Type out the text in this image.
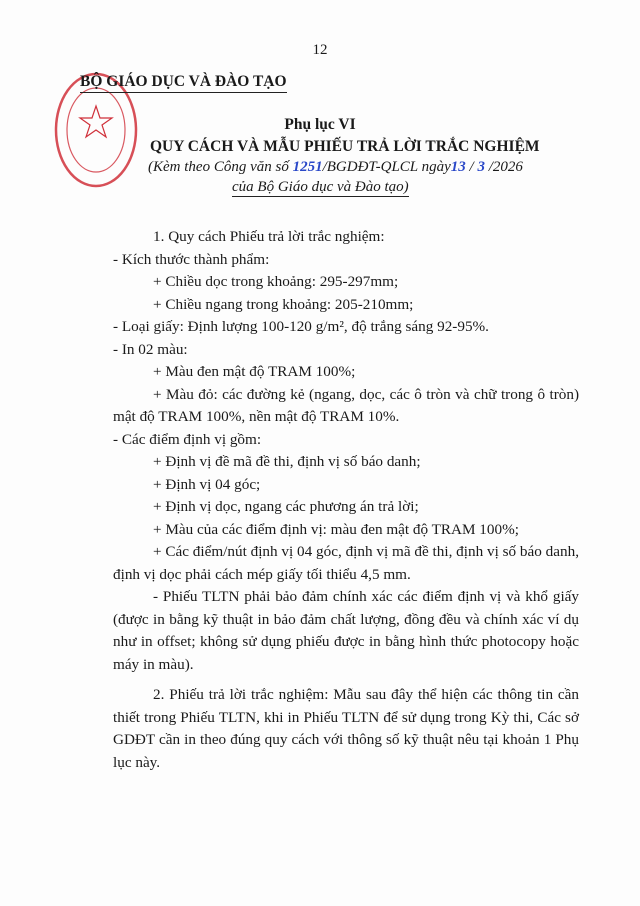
12
BỘ GIÁO DỤC VÀ ĐÀO TẠO
Phụ lục VI
QUY CÁCH VÀ MẪU PHIẾU TRẢ LỜI TRẮC NGHIỆM
(Kèm theo Công văn số 1251/BGDĐT-QLCL ngày13 / 3 /2026
của Bộ Giáo dục và Đào tạo)
1. Quy cách Phiếu trả lời trắc nghiệm:
- Kích thước thành phẩm:
+ Chiều dọc trong khoảng: 295-297mm;
+ Chiều ngang trong khoảng: 205-210mm;
- Loại giấy: Định lượng 100-120 g/m², độ trắng sáng 92-95%.
- In 02 màu:
+ Màu đen mật độ TRAM 100%;
+ Màu đỏ: các đường kẻ (ngang, dọc, các ô tròn và chữ trong ô tròn) mật độ TRAM 100%, nền mật độ TRAM 10%.
- Các điểm định vị gồm:
+ Định vị đề mã đề thi, định vị số báo danh;
+ Định vị 04 góc;
+ Định vị dọc, ngang các phương án trả lời;
+ Màu của các điểm định vị: màu đen mật độ TRAM 100%;
+ Các điểm/nút định vị 04 góc, định vị mã đề thi, định vị số báo danh, định vị dọc phải cách mép giấy tối thiểu 4,5 mm.
- Phiếu TLTN phải bảo đảm chính xác các điểm định vị và khổ giấy (được in bằng kỹ thuật in bảo đảm chất lượng, đồng đều và chính xác ví dụ như in offset; không sử dụng phiếu được in bằng hình thức photocopy hoặc máy in màu).
2. Phiếu trả lời trắc nghiệm: Mẫu sau đây thể hiện các thông tin cần thiết trong Phiếu TLTN, khi in Phiếu TLTN để sử dụng trong Kỳ thi, Các sở GDĐT cần in theo đúng quy cách với thông số kỹ thuật nêu tại khoản 1 Phụ lục này.
